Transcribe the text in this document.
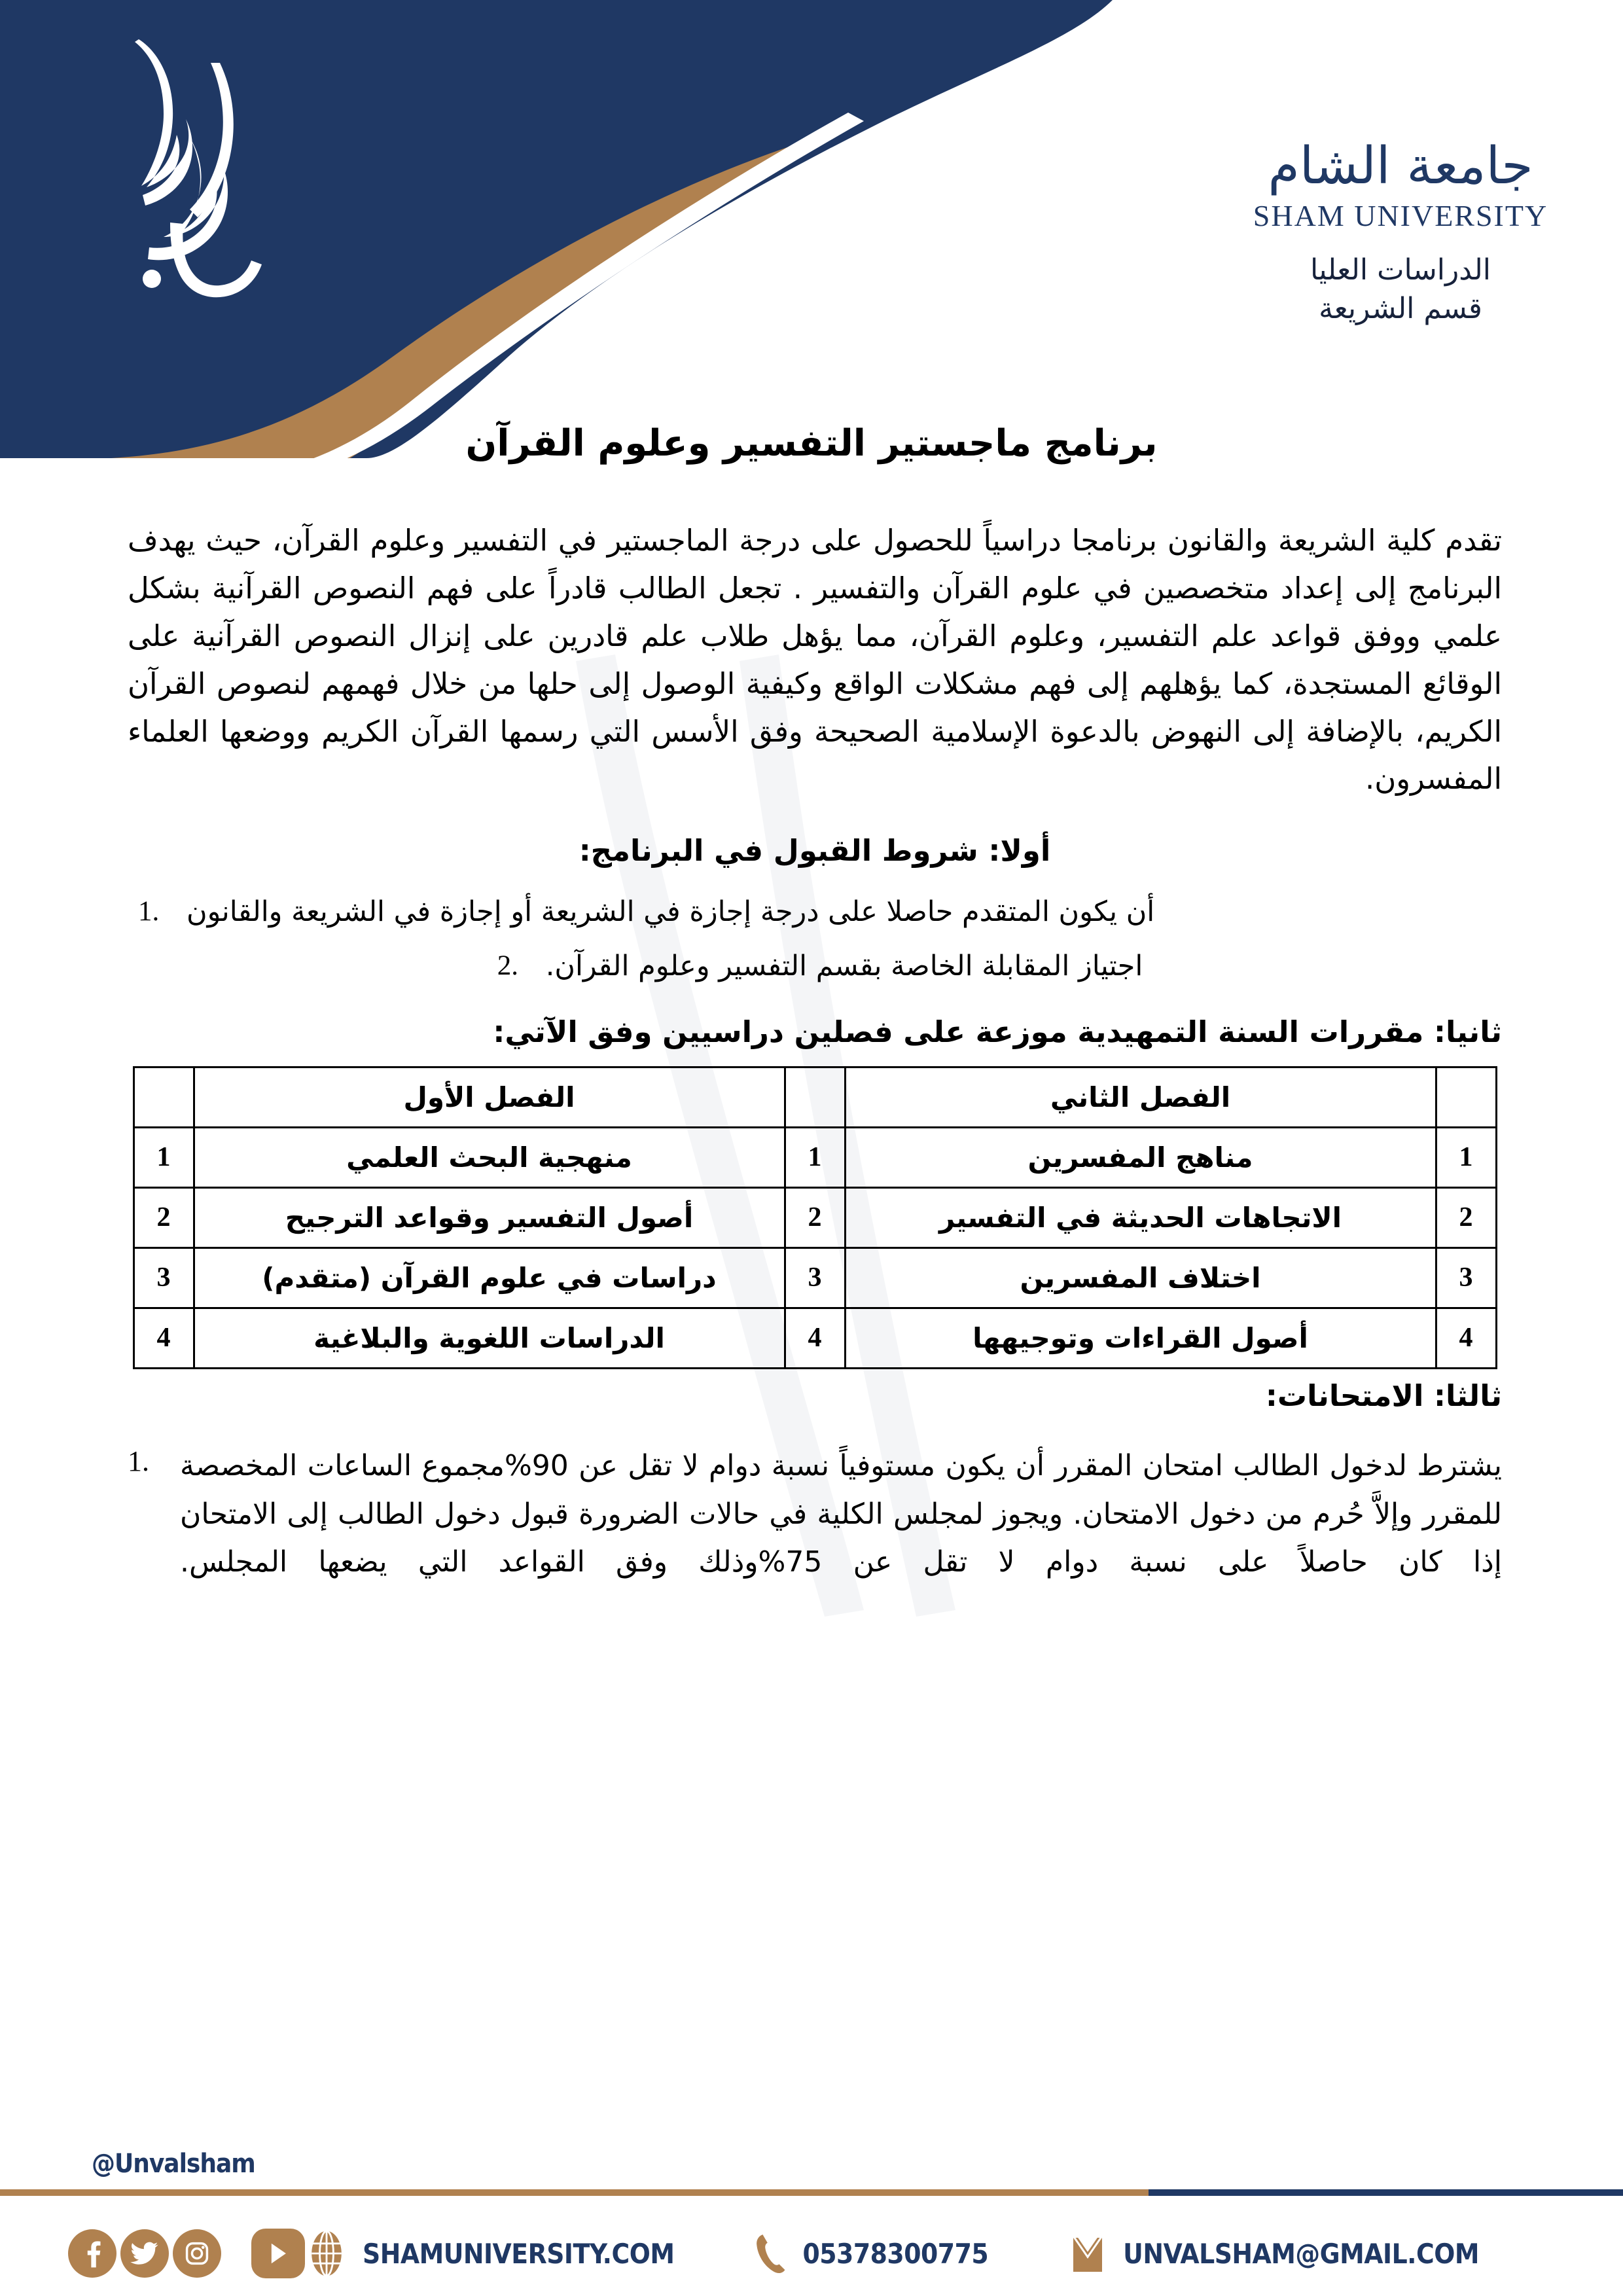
جامعة الشام
SHAM UNIVERSITY
الدراسات العليا
قسم الشريعة
برنامج ماجستير التفسير وعلوم القرآن

تقدم كلية الشريعة والقانون برنامجا دراسياً للحصول على درجة الماجستير في التفسير وعلوم القرآن، حيث يهدف البرنامج إلى إعداد متخصصين في علوم القرآن والتفسير . تجعل الطالب قادراً على فهم النصوص القرآنية بشكل علمي ووفق قواعد علم التفسير، وعلوم القرآن، مما يؤهل طلاب علم قادرين على إنزال النصوص القرآنية على الوقائع المستجدة، كما يؤهلهم إلى فهم مشكلات الواقع وكيفية الوصول إلى حلها من خلال فهمهم لنصوص القرآن الكريم، بالإضافة إلى النهوض بالدعوة الإسلامية الصحيحة وفق الأسس التي رسمها القرآن الكريم ووضعها العلماء المفسرون.

أولا: شروط القبول في البرنامج:
.1 أن يكون المتقدم حاصلا على درجة إجازة في الشريعة أو إجازة في الشريعة والقانون
.2 اجتياز المقابلة الخاصة بقسم التفسير وعلوم القرآن.
ثانيا: مقررات السنة التمهيدية موزعة على فصلين دراسيين وفق الآتي:
	الفصل الثاني		الفصل الأول	
1	مناهج المفسرين	1	منهجية البحث العلمي	1
2	الاتجاهات الحديثة في التفسير	2	أصول التفسير وقواعد الترجيح	2
3	اختلاف المفسرين	3	دراسات في علوم القرآن (متقدم)	3
4	أصول القراءات وتوجيهها	4	الدراسات اللغوية والبلاغية	4
ثالثا: الامتحانات:
.1	يشترط لدخول الطالب امتحان المقرر أن يكون مستوفياً نسبة دوام لا تقل عن 90%مجموع الساعات المخصصة للمقرر وإلاَّ حُرم من دخول الامتحان. ويجوز لمجلس الكلية في حالات الضرورة قبول دخول الطالب إلى الامتحان إذا كان حاصلاً على نسبة دوام لا تقل عن 75%وذلك وفق القواعد التي يضعها المجلس.
@Unvalsham
SHAMUNIVERSITY.COM	05378300775	UNVALSHAM@GMAIL.COM
